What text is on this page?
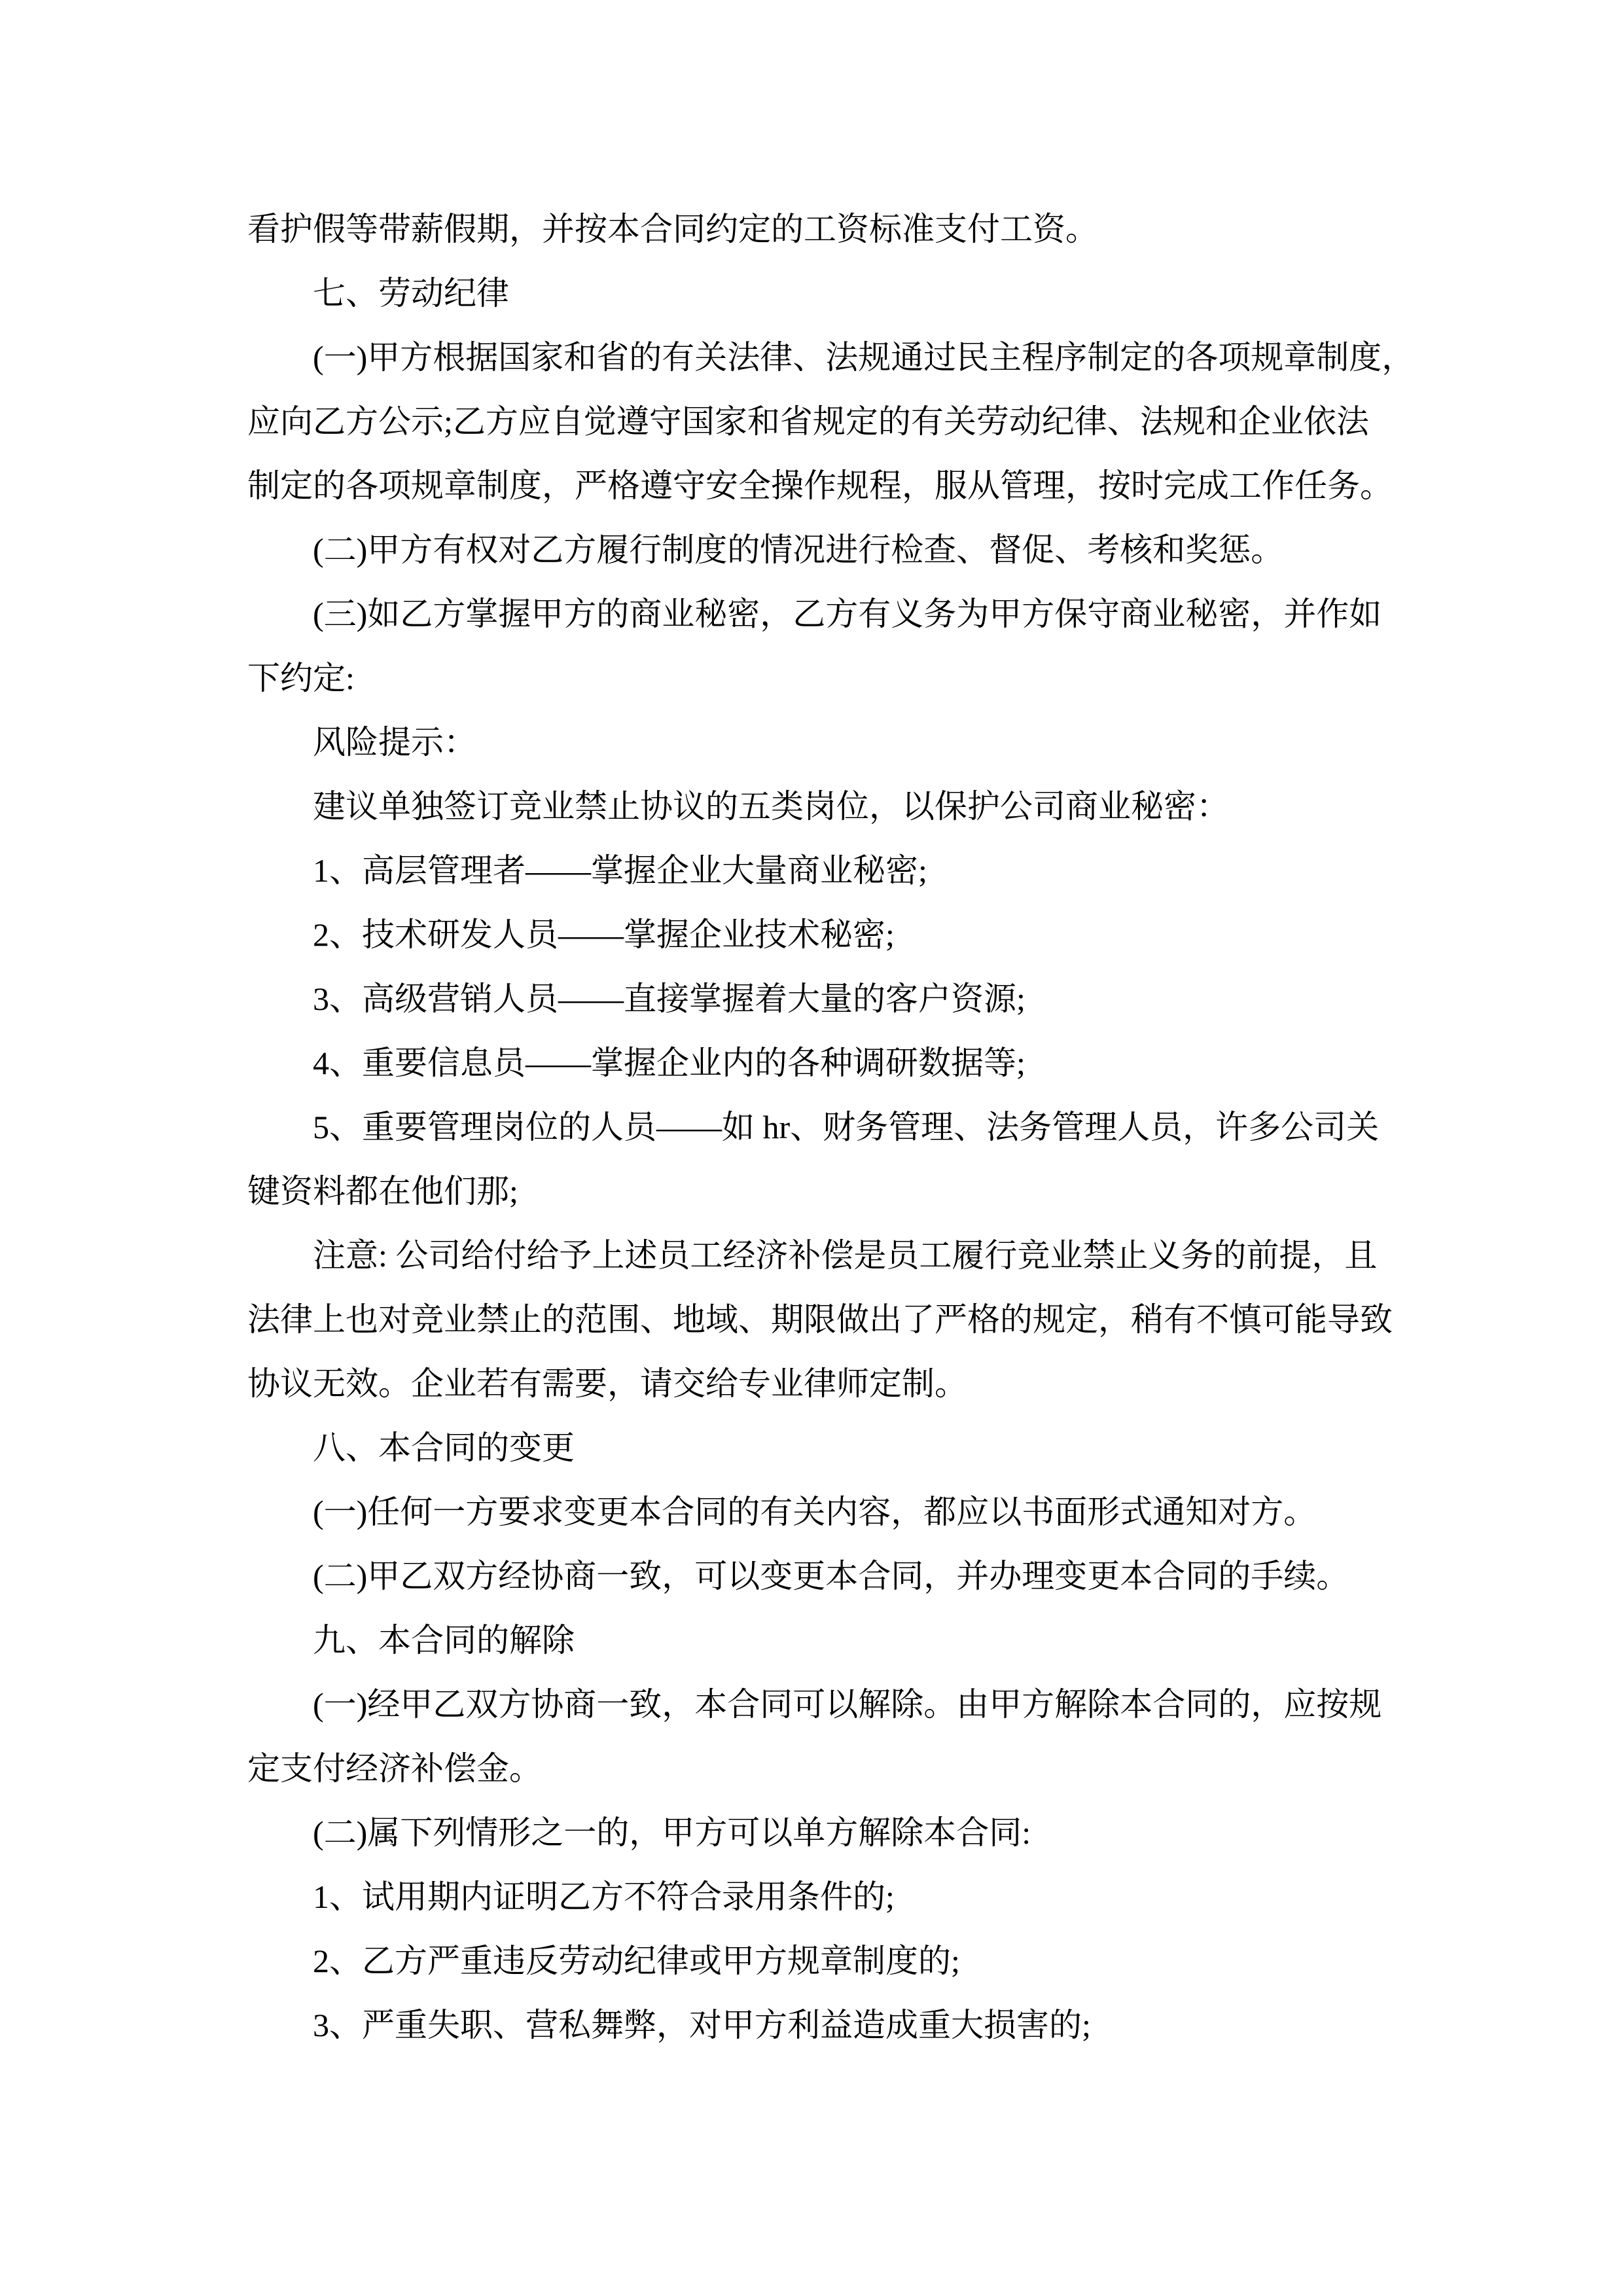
看护假等带薪假期，并按本合同约定的工资标准支付工资。
七、劳动纪律
(一)甲方根据国家和省的有关法律、法规通过民主程序制定的各项规章制度，
应向乙方公示;乙方应自觉遵守国家和省规定的有关劳动纪律、法规和企业依法
制定的各项规章制度，严格遵守安全操作规程，服从管理，按时完成工作任务。
(二)甲方有权对乙方履行制度的情况进行检查、督促、考核和奖惩。
(三)如乙方掌握甲方的商业秘密，乙方有义务为甲方保守商业秘密，并作如
下约定:
风险提示：
建议单独签订竞业禁止协议的五类岗位，以保护公司商业秘密：
1、高层管理者——掌握企业大量商业秘密;
2、技术研发人员——掌握企业技术秘密;
3、高级营销人员——直接掌握着大量的客户资源;
4、重要信息员——掌握企业内的各种调研数据等;
5、重要管理岗位的人员——如 hr、财务管理、法务管理人员，许多公司关
键资料都在他们那;
注意: 公司给付给予上述员工经济补偿是员工履行竞业禁止义务的前提，且
法律上也对竞业禁止的范围、地域、期限做出了严格的规定，稍有不慎可能导致
协议无效。企业若有需要，请交给专业律师定制。
八、本合同的变更
(一)任何一方要求变更本合同的有关内容，都应以书面形式通知对方。
(二)甲乙双方经协商一致，可以变更本合同，并办理变更本合同的手续。
九、本合同的解除
(一)经甲乙双方协商一致，本合同可以解除。由甲方解除本合同的，应按规
定支付经济补偿金。
(二)属下列情形之一的，甲方可以单方解除本合同:
1、试用期内证明乙方不符合录用条件的;
2、乙方严重违反劳动纪律或甲方规章制度的;
3、严重失职、营私舞弊，对甲方利益造成重大损害的;
